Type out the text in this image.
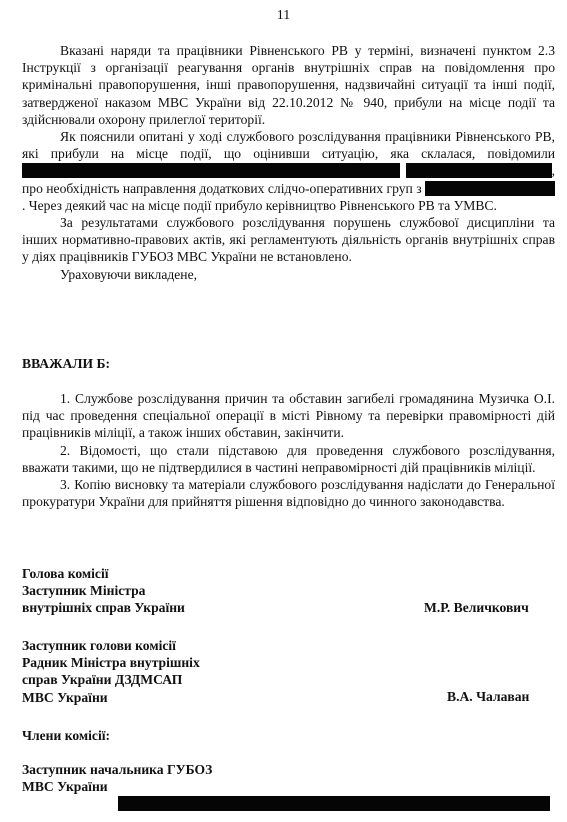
11

Вказані наряди та працівники Рівненського РВ у терміні, визначені пунктом 2.3 Інструкції з організації реагування органів внутрішніх справ на повідомлення про кримінальні правопорушення, інші правопорушення, надзвичайні ситуації та інші події, затвердженої наказом МВС України від 22.10.2012 № 940, прибули на місце події та здійснювали охорону прилеглої території.

Як пояснили опитані у ході службового розслідування працівники Рівненського РВ, які прибули на місце події, що оцінивши ситуацію, яка склалася, повідомили  , про необхідність направлення додаткових слідчо-оперативних груп з . Через деякий час на місце події прибуло керівництво Рівненського РВ та УМВС.

За результатами службового розслідування порушень службової дисципліни та інших нормативно-правових актів, які регламентують діяльність органів внутрішніх справ у діях працівників ГУБОЗ МВС України не встановлено.

Ураховуючи викладене,

ВВАЖАЛИ Б:

1. Службове розслідування причин та обставин загибелі громадянина Музичка О.І. під час проведення спеціальної операції в місті Рівному та перевірки правомірності дій працівників міліції, а також інших обставин, закінчити.

2. Відомості, що стали підставою для проведення службового розслідування, вважати такими, що не підтвердилися в частині неправомірності дій працівників міліції.

3. Копію висновку та матеріали службового розслідування надіслати до Генеральної прокуратури України для прийняття рішення відповідно до чинного законодавства.

Голова комісії
Заступник Міністра
внутрішніх справ України	М.Р. Величкович
Заступник голови комісії
Радник Міністра внутрішніх
справ України ДЗДМСАП
МВС України	В.А. Чалаван
Члени комісії:
Заступник начальника ГУБОЗ
МВС України
